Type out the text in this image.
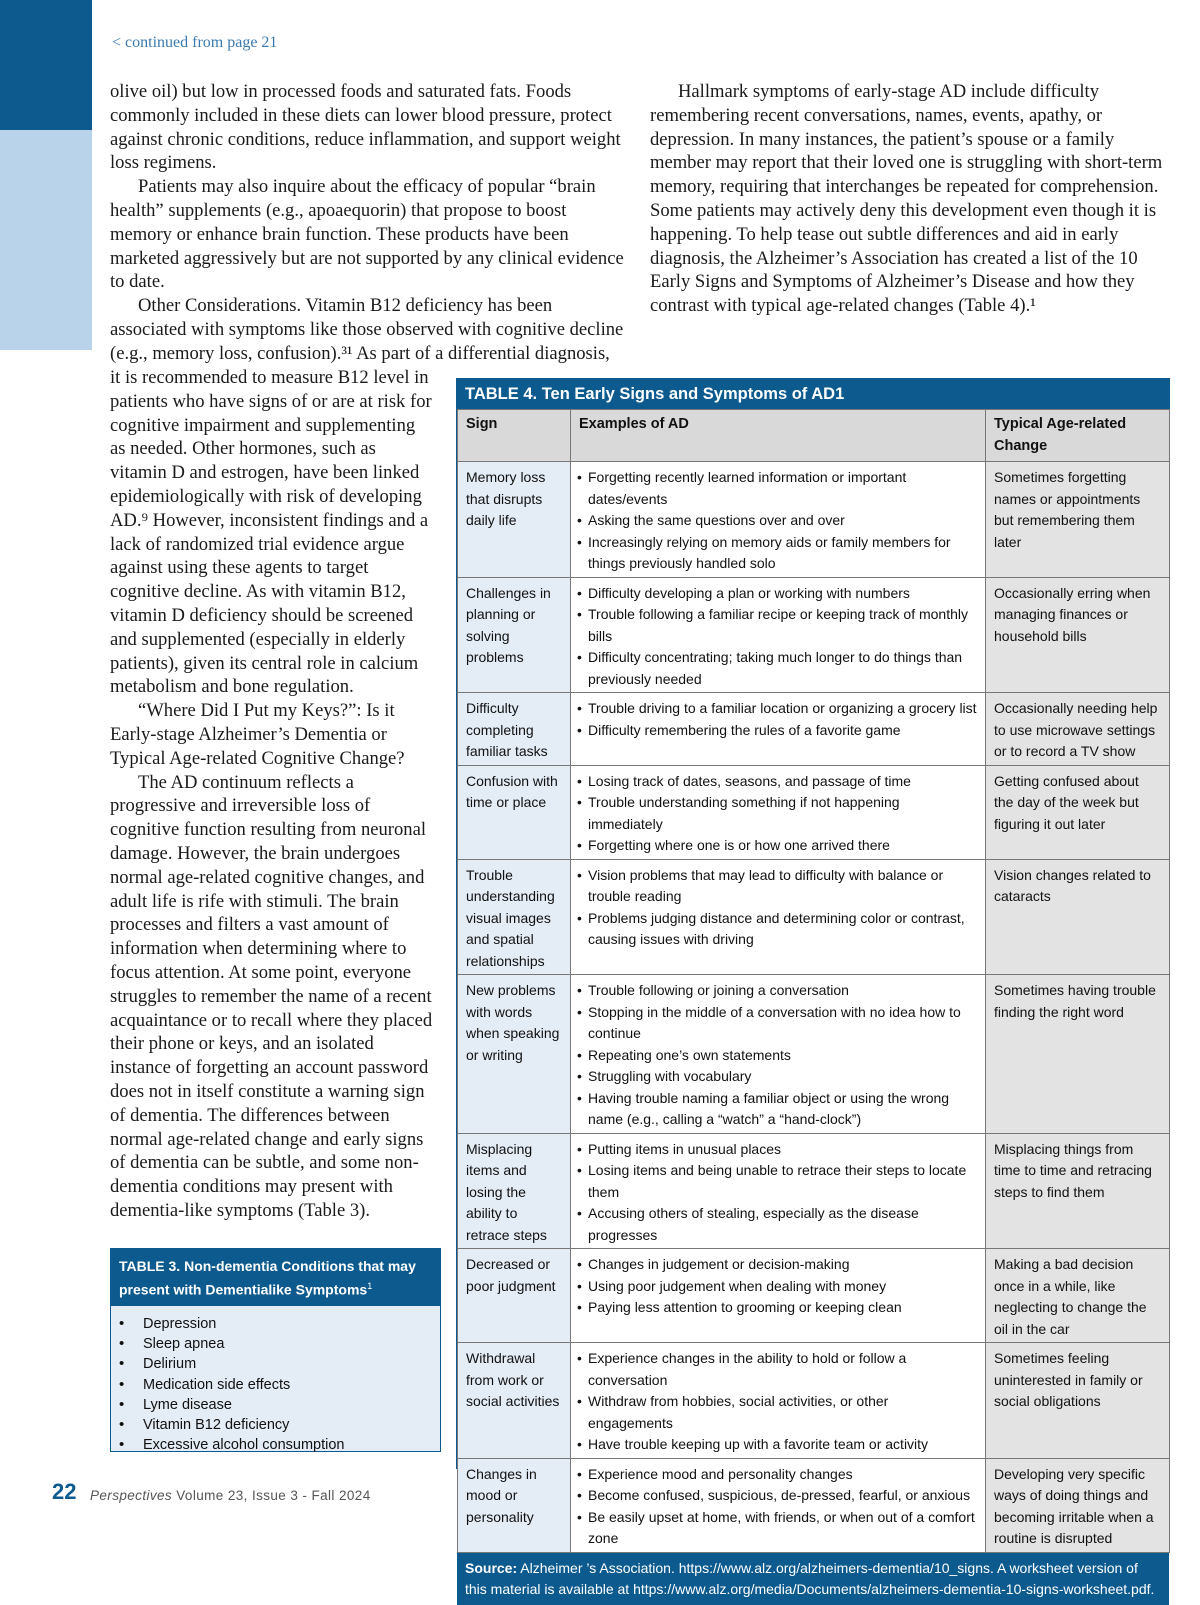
< continued from page 21

olive oil) but low in processed foods and saturated fats. Foods commonly included in these diets can lower blood pressure, protect against chronic conditions, reduce inflammation, and support weight loss regimens.

Patients may also inquire about the efficacy of popular “brain health” supplements (e.g., apoaequorin) that propose to boost memory or enhance brain function. These products have been marketed aggressively but are not supported by any clinical evidence to date.

Other Considerations. Vitamin B12 deficiency has been associated with symptoms like those observed with cognitive decline (e.g., memory loss, confusion).³¹ As part of a differential diagnosis,

it is recommended to measure B12 level in patients who have signs of or are at risk for cognitive impairment and supplementing as needed. Other hormones, such as vitamin D and estrogen, have been linked epidemiologically with risk of developing AD.⁹ However, inconsistent findings and a lack of randomized trial evidence argue against using these agents to target cognitive decline. As with vitamin B12, vitamin D deficiency should be screened and supplemented (especially in elderly patients), given its central role in calcium metabolism and bone regulation.

“Where Did I Put my Keys?”: Is it Early-stage Alzheimer’s Dementia or Typical Age-related Cognitive Change?

The AD continuum reflects a progressive and irreversible loss of cognitive function resulting from neuronal damage. However, the brain undergoes normal age-related cognitive changes, and adult life is rife with stimuli. The brain processes and filters a vast amount of information when determining where to focus attention. At some point, everyone struggles to remember the name of a recent acquaintance or to recall where they placed their phone or keys, and an isolated instance of forgetting an account password does not in itself constitute a warning sign of dementia. The differences between normal age-related change and early signs of dementia can be subtle, and some non-dementia conditions may present with dementia-like symptoms (Table 3).

Hallmark symptoms of early-stage AD include difficulty remembering recent conversations, names, events, apathy, or depression. In many instances, the patient’s spouse or a family member may report that their loved one is struggling with short-term memory, requiring that interchanges be repeated for comprehension. Some patients may actively deny this development even though it is happening. To help tease out subtle differences and aid in early diagnosis, the Alzheimer’s Association has created a list of the 10 Early Signs and Symptoms of Alzheimer’s Disease and how they contrast with typical age-related changes (Table 4).¹

TABLE 4. Ten Early Signs and Symptoms of AD1
Sign	Examples of AD	Typical Age-related Change
Memory loss that disrupts daily life	• Forgetting recently learned information or important dates/events
• Asking the same questions over and over
• Increasingly relying on memory aids or family members for things previously handled solo	Sometimes forgetting names or appointments but remembering them later
Challenges in planning or solving problems	• Difficulty developing a plan or working with numbers
• Trouble following a familiar recipe or keeping track of monthly bills
• Difficulty concentrating; taking much longer to do things than previously needed	Occasionally erring when managing finances or household bills
Difficulty completing familiar tasks	• Trouble driving to a familiar location or organizing a grocery list
• Difficulty remembering the rules of a favorite game	Occasionally needing help to use microwave settings or to record a TV show
Confusion with time or place	• Losing track of dates, seasons, and passage of time
• Trouble understanding something if not happening immediately
• Forgetting where one is or how one arrived there	Getting confused about the day of the week but figuring it out later
Trouble understanding visual images and spatial relationships	• Vision problems that may lead to difficulty with balance or trouble reading
• Problems judging distance and determining color or contrast, causing issues with driving	Vision changes related to cataracts
New problems with words when speaking or writing	• Trouble following or joining a conversation
• Stopping in the middle of a conversation with no idea how to continue
• Repeating one’s own statements
• Struggling with vocabulary
• Having trouble naming a familiar object or using the wrong name (e.g., calling a “watch” a “hand-clock”)	Sometimes having trouble finding the right word
Misplacing items and losing the ability to retrace steps	• Putting items in unusual places
• Losing items and being unable to retrace their steps to locate them
• Accusing others of stealing, especially as the disease progresses	Misplacing things from time to time and retracing steps to find them
Decreased or poor judgment	• Changes in judgement or decision-making
• Using poor judgement when dealing with money
• Paying less attention to grooming or keeping clean	Making a bad decision once in a while, like neglecting to change the oil in the car
Withdrawal from work or social activities	• Experience changes in the ability to hold or follow a conversation
• Withdraw from hobbies, social activities, or other engagements
• Have trouble keeping up with a favorite team or activity	Sometimes feeling uninterested in family or social obligations
Changes in mood or personality	• Experience mood and personality changes
• Become confused, suspicious, de-pressed, fearful, or anxious
• Be easily upset at home, with friends, or when out of a comfort zone	Developing very specific ways of doing things and becoming irritable when a routine is disrupted
Source: Alzheimer ’s Association. https://www.alz.org/alzheimers-dementia/10_signs. A worksheet version of this material is available at https://www.alz.org/media/Documents/alzheimers-dementia-10-signs-worksheet.pdf.
TABLE 3. Non-dementia Conditions that may present with Dementialike Symptoms$^1$
• Depression
• Sleep apnea
• Delirium
• Medication side effects
• Lyme disease
• Vitamin B12 deficiency
• Excessive alcohol consumption
22 Perspectives Volume 23, Issue 3 - Fall 2024
